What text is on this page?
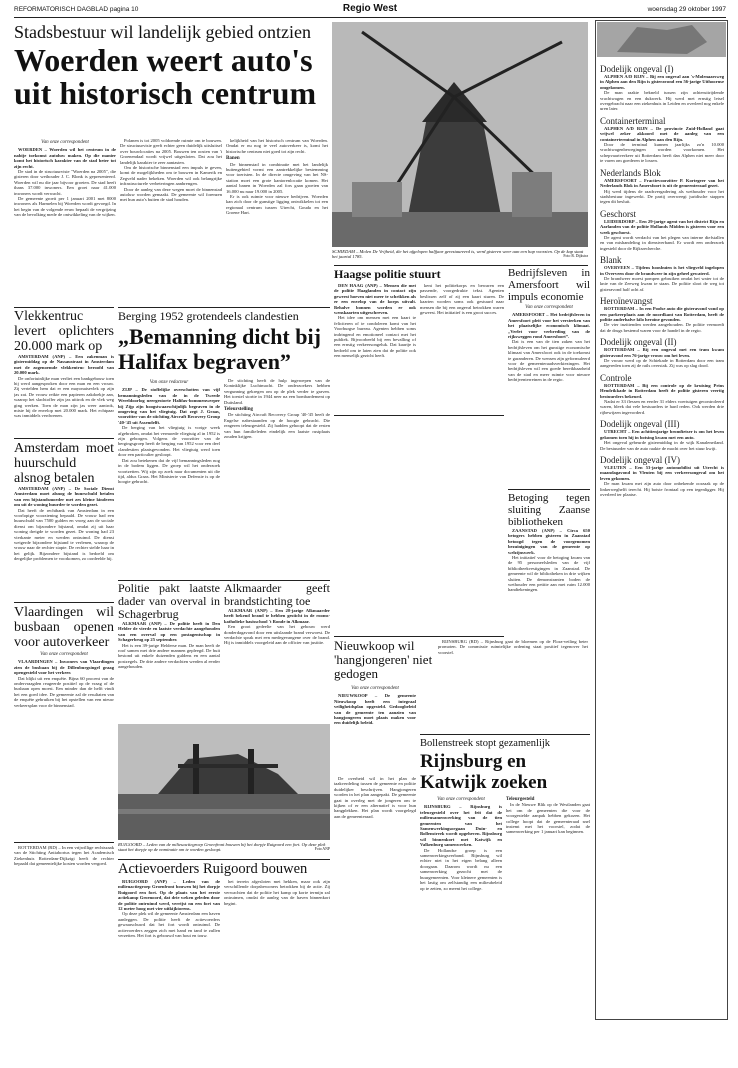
REFORMATORISCH DAGBLAD pagina 10	Regio West	woensdag 29 oktober 1997
Stadsbestuur wil landelijk gebied ontzien
Woerden weert auto's uit historisch centrum
Van onze correspondent

WOERDEN – Woerden wil het centrum in de nabije toekomst autoluw maken. Op die manier komt het historisch karakter van de stad beter tot zijn recht.

De stad in de structuurvisie "Woerden na 2005", die gisteren door wethouder J. C. Blonk is gepresenteerd. Woerden wil nu die jaar bijvoor groeien. De stad heeft thans 37.000 inwoners. Een groei naar 41.000 inwoners wordt verwacht.

De gemeente groeit per 1 januari 2001 met 8000 inwoners als Harmelen bij Woerden wordt gevoegd. In het begin van de volgende eeuw bepaalt de vergrijzing van de bevolking mede de ontwikkeling van de wijken.

Polanen is tot 2005 voldoende ruimte om te bouwen. De structuurvisie geeft echter geen duidelijk uitsluitsel over bouwlocaties na 2005. Bouwen ten oosten van 't Groenendaal wordt vrijwel uitgesloten. Dat zou het landelijk karakter te zeer aantasten.

Om de historische binnenstad een impuls te geven, komt de mogelijkheden om te bouwen in Kamerik en Zegveld nader bekeken. Woerden wil ook belangrijke infrastructurele verbeteringen aanbrengen.

Door de aanleg van deze wegen moet de binnenstad autoluw worden gemaakt. De gemeente wil forenzen met hun auto's buiten de stad houden.

kelijkheid van het historisch centrum van Woerden. Omdat er nu nog te veel autoverkeer is, komt het historische centrum niet goed tot zijn recht.

Banen

De binnenstad in combinatie met het landelijk buitengebied vormt een aantrekkelijke bestemming voor toeristen. In de directe omgeving van het NS-station moet een grote kantorenlocatie komen. Het aantal banen in Woerden zal fors gaan groeien van 16.000 nu naar 19.000 in 2005.

Er is ook ruimte voor nieuwe bedrijven. Woerden kan zich door de gunstige ligging ontwikkelen tot een regionaal centrum tussen Utrecht, Gouda en het Groene Hart.

SCHIEDAM – Molen De Vrijheid, die het afgelopen halfjaar gerestaureerd is, werd gisteren weer aan een hap voorzien. Op de kap staat het jaartal 1785.	Foto R. Dijkstra
Dodelijk ongeval (I)

ALPHEN A/D RIJN – Bij een ongeval aan 's-Molenaarsweg in Alphen aan den Rijn is gisteravond een 56-jarige Uithoornse omgekomen.

De man raakte bekneld tussen zijn achteruitrijdende vrachtwagen en een dukwerk. Hij werd met ernstig letsel overgebracht naar een ziekenhuis in Leiden en overleed nog enkele uren later.

Containerterminal

ALPHEN A/D RIJN – De provincie Zuid-Holland gaat vrijwel zeker akkoord met de aanleg van een containerterminal in Alphen aan den Rijn.

Door de terminal kunnen jaarlijks zo'n 10.000 vrachtwagenbewegingen worden voorkomen. Het schepvaartverkeer uit Rotterdam heeft dan Alphen niet meer door te varen om goederen te lossen.

Nederlands Blok

AMERSFOORT – Fractievoorzitter P. Kortegeer van het Nederlands Blok in Amersfoort is uit de gemeenteraad gezet.

Hij werd tijdens de raadsvergadering als wethouder voor het stadsbestuur ingewerkt. De partij overweegt juridische stappen tegen dit besluit.

Geschorst

LEIDERDORP – Een 29-jarige agent van het district Rijn en Aarlanden van de politie Hollands Midden is gisteren voor een week geschorst.

De agent wordt verdacht van het plegen van interne diefstallen en van mishandeling in dienstverband. Er wordt een onderzoek ingesteld door de Rijksrecherche.

Blank

OVERVEEN – Tijdens hoosbuien is het vliegveld ingelopen in Overveen door de brandweer in zijn geheel gewaterd.

De brandweer moest pompen gebruiken omdat het water tot de knie van de Zeeweg kwam te staan. De politie sloot de weg tot gisteravond half acht af.

Heroïnevangst

ROTTERDAM – In een Poolse auto die gisteravond vond op een parkeerplaats aan de noordkant van Rotterdam, heeft de politie anderhalve kilo heroïne gevonden.

De vier inzittenden werden aangehouden. De politie vermoedt dat de drugs bestemd waren voor de handel in de regio.

Dodelijk ongeval (II)

ROTTERDAM – Bij een ongeval met een tram kwam gisteravond een 76-jarige vrouw om het leven.

De vrouw werd op de Schiekade in Rotterdam door een tram aangereden toen zij de rails overstak. Zij was op slag dood.

Controle

ROTTERDAM – Bij een controle op de kruising Prins Hendrikkade in Rotterdam heeft de politie gisteren veertig bestuurders bekeurd.

Nadat er 33 flessen en eerder 31 elders voertuigen gecontroleerd waren, bleek dat vele bestuurders te hard reden. Ook werden drie rijbewijzen ingevorderd.

Dodelijk ongeval (III)

UTRECHT – Een achttienjarige bromfietser is om het leven gekomen toen hij in botsing kwam met een auto.

Het ongeval gebeurde gistermiddag in de wijk Kanaleneiland. De bestuurder van de auto raakte de macht over het stuur kwijt.

Dodelijk ongeval (IV)

VLEUTEN – Een 53-jarige automobilist uit Utrecht is maandagavond in Vleuten bij een verkeersongeval om het leven gekomen.

De man kwam met zijn auto door onbekende oorzaak op de linkerweghelft terecht. Hij botste frontaal op een tegenligger. Hij overleed ter plaatse.

Vlekkentruc levert oplichters 20.000 mark op

AMSTERDAM (ANP) – Een zakenman is gistermiddag op de Nassaustraat in Amsterdam met de zogenoemde vlekkentruc beroofd van 20.000 mark.

De onfortuinlijke man verliet een bankgebouw toen hij werd aangesproken door een man en een vrouw. Zij vertelden hem dat er een mayonaisevlek op zijn jas zat. De vrouw reikte een papieren zakdoekje aan, waarop het slachtoffer zijn jas uittrok en de vlek weg ging werken. Toen de man zijn jas weer aantrok, miste hij de envelop met 20.000 mark. Het echtpaar was inmiddels verdwenen.

Amsterdam moet huurschuld alsnog betalen

AMSTERDAM (ANP) – De Sociale Dienst Amsterdam moet alsnog de huurschuld betalen van een bijstandsmoeder met zes kleine kinderen om uit de woning huurder te worden gezet.

Dat heeft de rechtbank van Amsterdam in een voorlopige voorziening bepaald. De vrouw had een huurschuld van 7500 gulden en vroeg aan de sociale dienst om bijzondere bijstand, omdat zij uit haar woning dreigde te worden gezet. De woning had 23 vierkante meter en werden ontruimd. De dienst weigerde bijzondere bijstand te verlenen, waarop de vrouw naar de rechter stapte. De rechter stelde haar in het gelijk. Bijzondere bijstand is bedoeld om dergelijke problemen te voorkomen, zo oordeelde hij.

Vlaardingen wil busbaan openen voor autoverkeer
Van onze correspondent

VLAARDINGEN – Inwoners van Vlaardingen zien de busbaan bij de Dillenburgsingel graag opengesteld voor het verkeer.

Dat blijkt uit een enquête. Bijna 60 procent van de ondervraagden reageerde positief op de vraag of de busbaan open moest. Een minder dan de helft vindt het een goed idee. De gemeente zal de resultaten van de enquête gebruiken bij het opstellen van een nieuw verkeersplan voor de binnenstad.

ROTTERDAM (RD) – In een vrijwillige rechtszaak van de Stichting Antiabortus tegen het Academisch Ziekenhuis Rotterdam-Dijkzigt heeft de rechter bepaald dat gemeentelijke kosten worden vergoed.

Berging 1952 grotendeels clandestien
„Bemanning dicht bij Halifax begraven”
Van onze redacteur

ZIJP – De stoffelijke overschotten van vijf bemanningsleden van de in de Tweede Wereldoorlog neergestorte Halifax-bommenwerper bij Zijp zijn hoogstwaarschijnlijk begraven in de omgeving van het vliegtuig. Dat zegt J. Graas, voorzitter van de stichting Aircraft Recovery Group '40-'45 uit Assendelft.

De berging van het vliegtuig is vorige week afgebroken, omdat het vermoede vliegtuig al in 1952 is zijn geborgen. Volgens de voorzitter van de bergingsgroep heeft de berging van 1952 voor een deel clandestien plaatsgevonden. Het vliegtuig werd toen door een particulier gesloopt.

Dat zou betekenen dat de vijf bemanningsleden nog in de bodem liggen. De groep wil het onderzoek voortzetten. Wij zijn op zoek naar documenten uit die tijd, aldus Graas. Het Ministerie van Defensie is op de hoogte gebracht.

De stichting heeft de hulp ingeroepen van de Koninklijke Luchtmacht. De onderzoekers hebben vergunning gekregen om op de plek verder te graven. Het toestel stortte in 1944 neer na een bombardement op Duitsland.

Teleurstelling

De stichting Aircraft Recovery Group '40-'45 heeft de Engelse nabestaanden op de hoogte gebracht. Die reageren teleurgesteld. Zij hadden gehoopt dat de resten van hun familieleden eindelijk een laatste rustplaats zouden krijgen.

Politie pakt laatste dader van overval in Schagerbrug

ALKMAAR (ANP) – De politie heeft in Den Helder de vierde en laatste verdachte aangehouden van een overval op een postagentschap in Schagerbrug op 25 september.

Het is een 39-jarige Helderse man. De man heeft de roof samen met drie andere mannen gepleegd. De buit bestond uit enkele duizenden guldens en een aantal postzegels. De drie andere verdachten werden al eerder aangehouden.

Alkmaarder geeft brandstichting toe

ALKMAAR (ANP) – Een 28-jarige Alkmaarder heeft bekend brand te hebben gesticht in de rooms-katholieke basisschool 't Ronde in Alkmaar.

Een groot gedeelte van het gebouw werd donderdagavond door een uitslaande brand verwoest. De verdachte sprak met een medegevangene over de brand. Hij is inmiddels voorgeleid aan de officier van justitie.

RUIGOORD – Leden van de milieuactiegroep Groenfront bouwen bij het dorpje Ruigoord een fort. Op deze plek staat het dorpje op de nominatie om te worden gesloopt.	Foto ANP
Actievoerders Ruigoord bouwen

RUIGOORD (ANP) – Leden van de milieuactiegroep Groenfront bouwen bij het dorpje Ruigoord een fort. Op de plaats van het eerste actiekamp Groenoord, dat drie weken geleden door de politie ontruimd werd, verrijst nu een fort van 12 meter hoog met vier uitkijktorens.

Op deze plek wil de gemeente Amsterdam een haven aanleggen. De politie heeft de actievoerders gewaarschuwd dat het fort wordt ontruimd. De actievoerders zeggen zich met hand en tand te zullen verzetten. Het fort is gebouwd van hout en touw.

het terrein afgesloten met hekken, maar ook zijn verschillende dorpsbewoners betrokken bij de actie. Zij verwachten dat de politie het kamp op korte termijn zal ontruimen, omdat de aanleg van de haven binnenkort begint.

Haagse politie stuurt

DEN HAAG (ANP) – Mensen die met de politie Haaglanden in contact zijn geweest hoeven niet meer te schrikken als er een envelop van de korps uitvalt. Behalve bonnen worden er ook wenskaarten uitgeschreven.

Het idee om mensen met een kaart te feliciteren of te condoleren komt van het Voorburgse bureau. Agenten hebben soms indringend en emotioneel contact met het publiek. Bijvoorbeeld bij een bevalling of een ernstig verkeersongeluk. Dat kaartje is bedoeld om te laten zien dat de politie ook een menselijk gezicht heeft.

kent het politiekorps en bewaren een passende, voorgedrukte tekst. Agenten beslissen zelf of zij een kaart sturen. De kaarten worden soms ook gestuurd naar mensen die bij een ongeval betrokken waren geweest. Het initiatief is een groot succes.

Bedrijfsleven in Amersfoort wil impuls economie
Van onze correspondent

AMERSFOORT – Het bedrijfsleven in Amersfoort pleit voor het versterken van het plaatselijke economisch klimaat. „Verlet voor verbreding van de rijksweggen rond Amersfoort”.

Dat is een van de tien zaken van het bedrijfsleven om het gunstige economische klimaat van Amersfoort ook in de toekomst te garanderen. De wensen zijn geformuleerd voor de gemeenteraadsverkiezingen. Het bedrijfsleven wil een goede bereikbaarheid van de stad en meer ruimte voor nieuwe bedrijventerreinen in de regio.

Betoging tegen sluiting Zaanse bibliotheken

ZAANSTAD (ANP) – Circa 650 betogers hebben gisteren in Zaanstad betoogd tegen de voorgenomen bezuinigingen van de gemeente op welzijnswerk.

Het initiatief voor de betoging kwam van de 95 personeelsleden van de vijf bibliotheekvestigingen in Zaanstad. De gemeente wil de bibliotheken in drie wijken sluiten. De demonstranten boden de wethouder een petitie aan met ruim 12.000 handtekeningen.

Nieuwkoop wil 'hangjongeren' niet gedogen
Van onze correspondent

NIEUWKOOP – De gemeente Nieuwkoop heeft een integraal veiligheidsplan opgesteld. Gedoogbeleid van de gemeente ten aanzien van hangjongeren moet plaats maken voor een duidelijk beleid.

De overheid wil in het plan de taakverdeling tussen de gemeente en politie duidelijker beschrijven. Hangjongeren worden in het plan aangepakt. De gemeente gaat in overleg met de jongeren om te kijken of er een alternatief is voor hun hangplekken. Het plan wordt voorgelegd aan de gemeenteraad.

RIJNSBURG (RD) – Rijnsburg gaat de bloemen op de Flora-veiling beter promoten. De commissie ruimtelijke ordening staat positief tegenover het voorstel.

Bollenstreek stopt gezamenlijk
Rijnsburg en Katwijk zoeken
Van onze correspondent

RIJNSBURG – Rijnsburg is teleurgesteld over het feit dat de milieusamenwerking van de tien gemeenten van het Samenwerkingsorgaan Duin- en Bollenstreek wordt opgeheven. Rijnsburg wil binnenkort met Katwijk en Valkenburg samenwerken.

De Hollandse groep is een samenwerkingsverband. Rijnsburg wil echter niet in het eigen belang alleen doorgaan. Daarom wordt nu een samenwerking gezocht met de buurgemeenten. Voor kleinere gemeenten is het lastig om zelfstandig een milieubeleid op te zetten, zo meent het college.

Teleurgesteld

In de Nieuwe Blik op de Westlanden gaat het om de gemeenten die voor de voorgestelde aanpak hebben gekozen. Het college hoopt dat de gemeenteraad snel instemt met het voorstel, zodat de samenwerking per 1 januari kan beginnen.
